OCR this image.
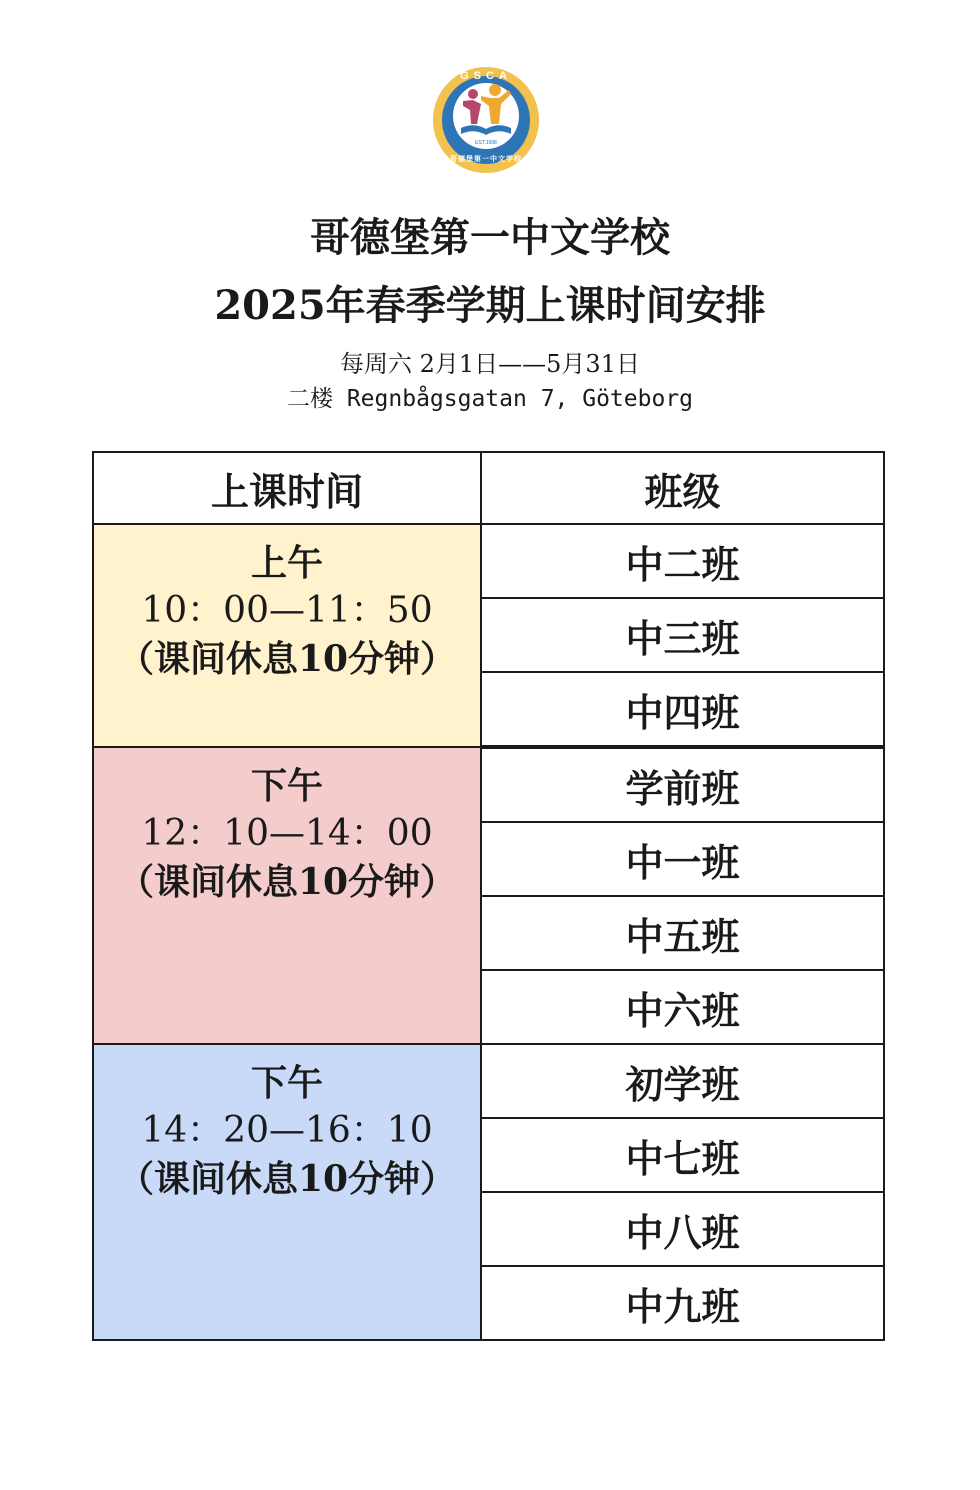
GSCA
EST.1998
哥德堡第一中文学校
哥德堡第一中文学校
2025年春季学期上课时间安排
每周六 2月1日——5月31日
二楼 Regnbågsgatan 7, Göteborg
上课时间	班级

上午
10：00—11：50
（课间休息10分钟）	中二班
	中三班
	中四班

下午
12：10—14：00
（课间休息10分钟）	学前班
	中一班
	中五班
	中六班

下午
14：20—16：10
（课间休息10分钟）	初学班
	中七班
	中八班
	中九班
